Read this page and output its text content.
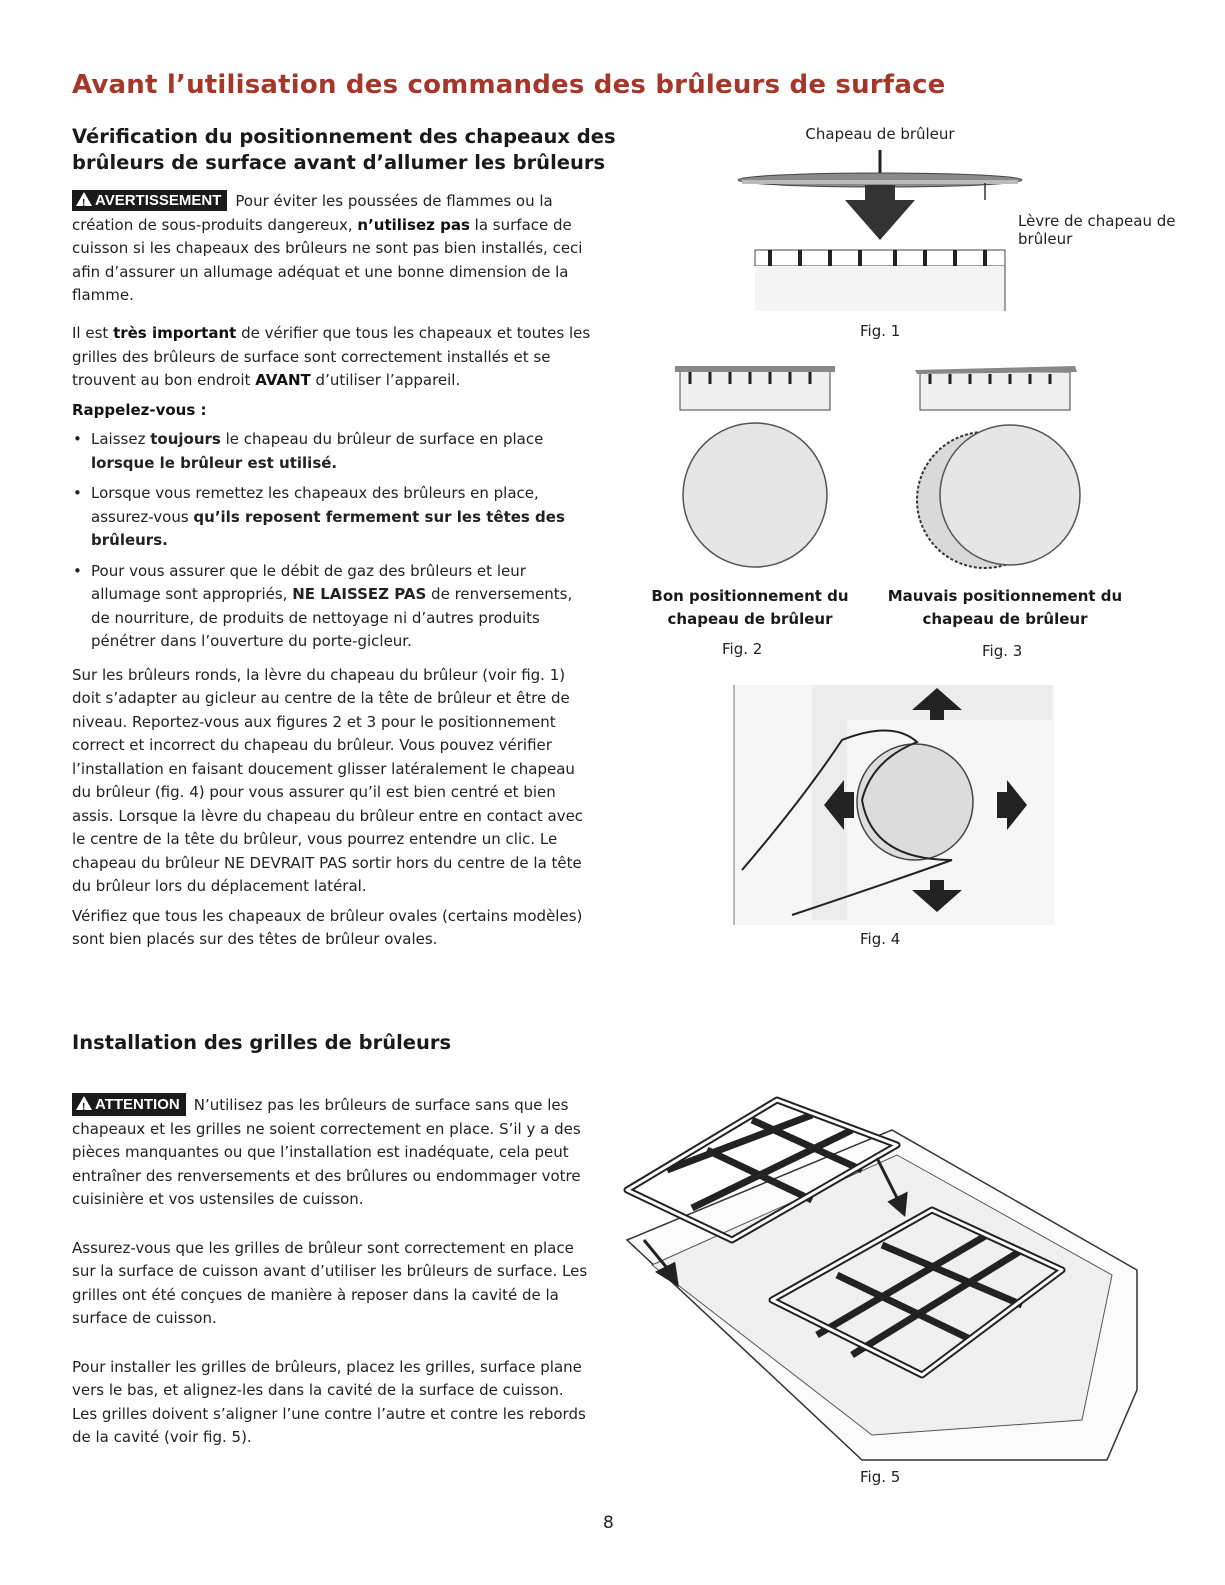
Avant l’utilisation des commandes des brûleurs de surface
Vérification du positionnement des chapeaux des
brûleurs de surface avant d’allumer les brûleurs

!AVERTISSEMENT Pour éviter les poussées de flammes ou la création de sous-produits dangereux, n’utilisez pas la surface de cuisson si les chapeaux des brûleurs ne sont pas bien installés, ceci afin d’assurer un allumage adéquat et une bonne dimension de la flamme.

Il est très important de vérifier que tous les chapeaux et toutes les grilles des brûleurs de surface sont correctement installés et se trouvent au bon endroit AVANT d’utiliser l’appareil.

Rappelez-vous :

• Laissez toujours le chapeau du brûleur de surface en place lorsque le brûleur est utilisé.
• Lorsque vous remettez les chapeaux des brûleurs en place, assurez-vous qu’ils reposent fermement sur les têtes des brûleurs.
• Pour vous assurer que le débit de gaz des brûleurs et leur allumage sont appropriés, NE LAISSEZ PAS de renversements, de nourriture, de produits de nettoyage ni d’autres produits pénétrer dans l’ouverture du porte-gicleur.

Sur les brûleurs ronds, la lèvre du chapeau du brûleur (voir fig. 1) doit s’adapter au gicleur au centre de la tête de brûleur et être de niveau. Reportez-vous aux figures 2 et 3 pour le positionnement correct et incorrect du chapeau du brûleur. Vous pouvez vérifier l’installation en faisant doucement glisser latéralement le chapeau du brûleur (fig. 4) pour vous assurer qu’il est bien centré et bien assis. Lorsque la lèvre du chapeau du brûleur entre en contact avec le centre de la tête du brûleur, vous pourrez entendre un clic. Le chapeau du brûleur NE DEVRAIT PAS sortir hors du centre de la tête du brûleur lors du déplacement latéral.

Vérifiez que tous les chapeaux de brûleur ovales (certains modèles) sont bien placés sur des têtes de brûleur ovales.

Chapeau de brûleur
Lèvre de chapeau de brûleur
Fig. 1
Bon positionnement du
chapeau de brûleur
Fig. 2
Mauvais positionnement du
chapeau de brûleur
Fig. 3
Fig. 4
Installation des grilles de brûleurs

!ATTENTION N’utilisez pas les brûleurs de surface sans que les chapeaux et les grilles ne soient correctement en place. S’il y a des pièces manquantes ou que l’installation est inadéquate, cela peut entraîner des renversements et des brûlures ou endommager votre cuisinière et vos ustensiles de cuisson.

Assurez-vous que les grilles de brûleur sont correctement en place sur la surface de cuisson avant d’utiliser les brûleurs de surface. Les grilles ont été conçues de manière à reposer dans la cavité de la surface de cuisson.

Pour installer les grilles de brûleurs, placez les grilles, surface plane vers le bas, et alignez-les dans la cavité de la surface de cuisson. Les grilles doivent s’aligner l’une contre l’autre et contre les rebords de la cavité (voir fig. 5).

Fig. 5
8
